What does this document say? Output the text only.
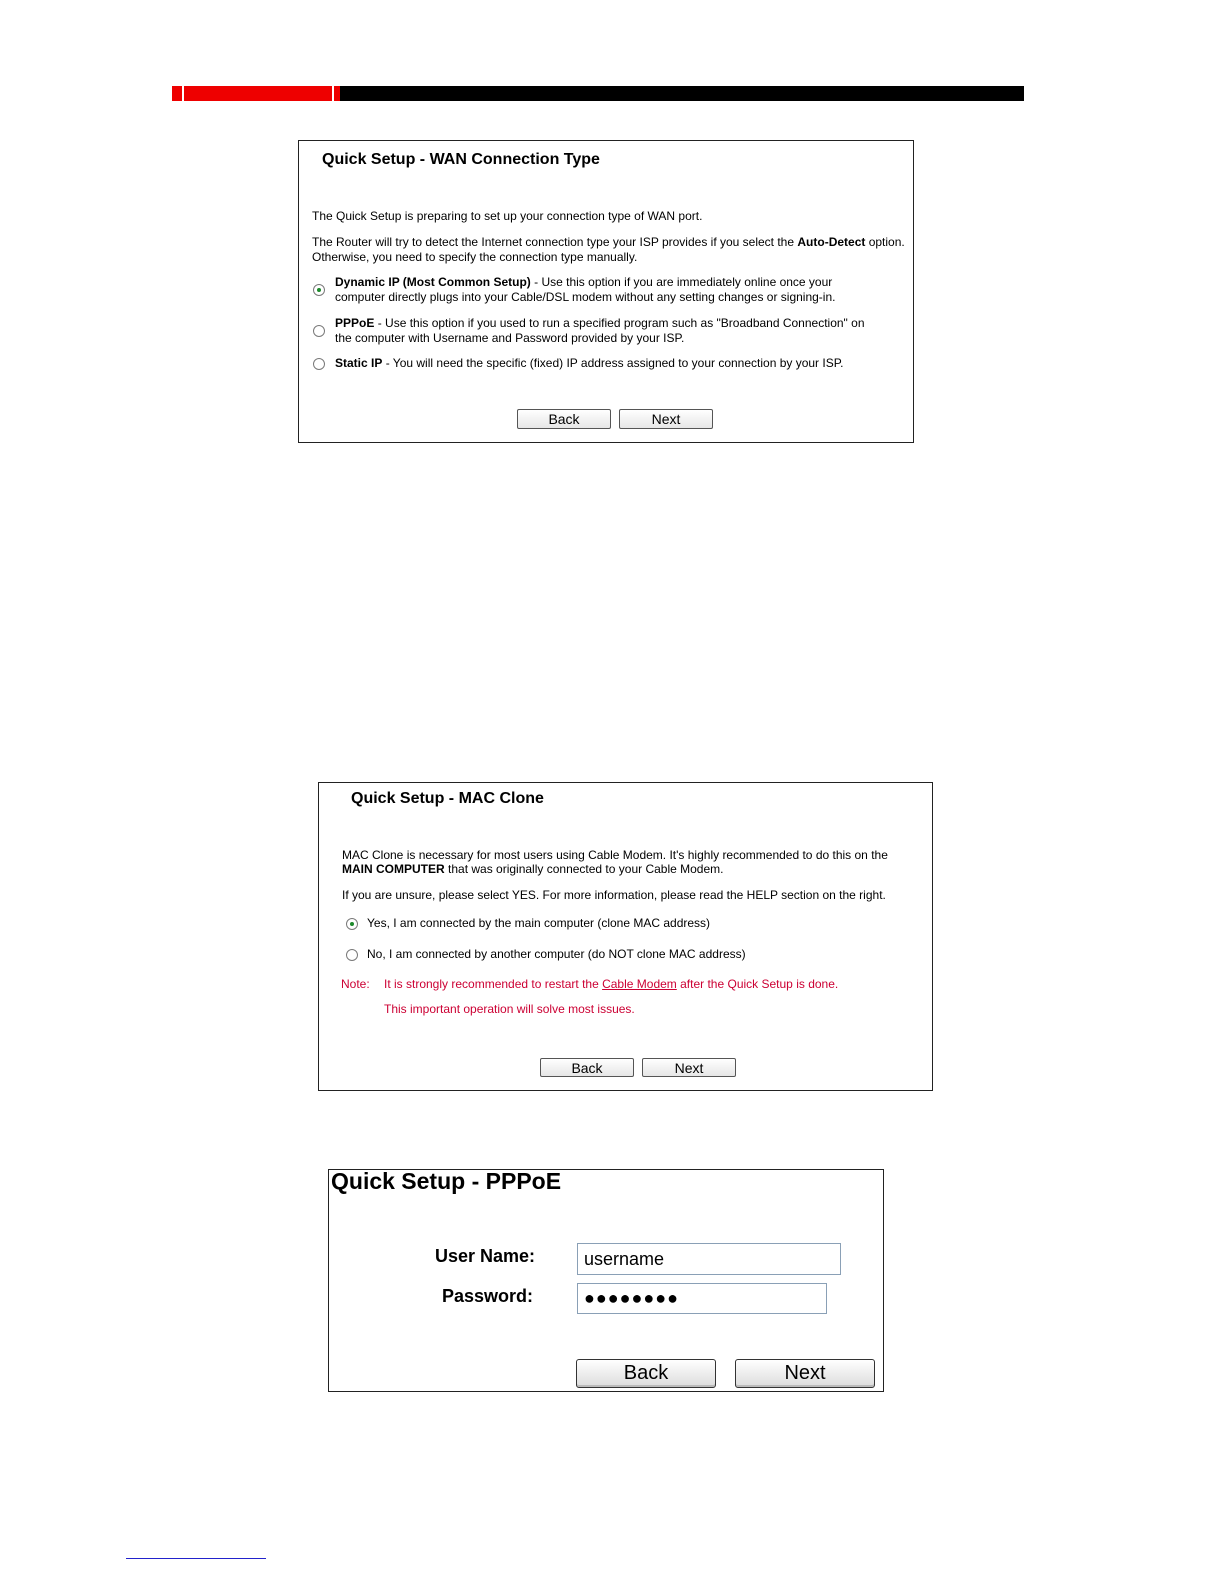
Quick Setup - WAN Connection Type
The Quick Setup is preparing to set up your connection type of WAN port.
The Router will try to detect the Internet connection type your ISP provides if you select the Auto-Detect option.
Otherwise, you need to specify the connection type manually.
Dynamic IP (Most Common Setup) - Use this option if you are immediately online once your
computer directly plugs into your Cable/DSL modem without any setting changes or signing-in.
PPPoE - Use this option if you used to run a specified program such as "Broadband Connection" on
the computer with Username and Password provided by your ISP.
Static IP - You will need the specific (fixed) IP address assigned to your connection by your ISP.
Back	Next
Quick Setup - MAC Clone
MAC Clone is necessary for most users using Cable Modem. It's highly recommended to do this on the
MAIN COMPUTER that was originally connected to your Cable Modem.
If you are unsure, please select YES. For more information, please read the HELP section on the right.
Yes, I am connected by the main computer (clone MAC address)
No, I am connected by another computer (do NOT clone MAC address)
Note: It is strongly recommended to restart the Cable Modem after the Quick Setup is done.
This important operation will solve most issues.
Back	Next
Quick Setup - PPPoE
User Name:	username
Password:	●●●●●●●●
Back	Next
